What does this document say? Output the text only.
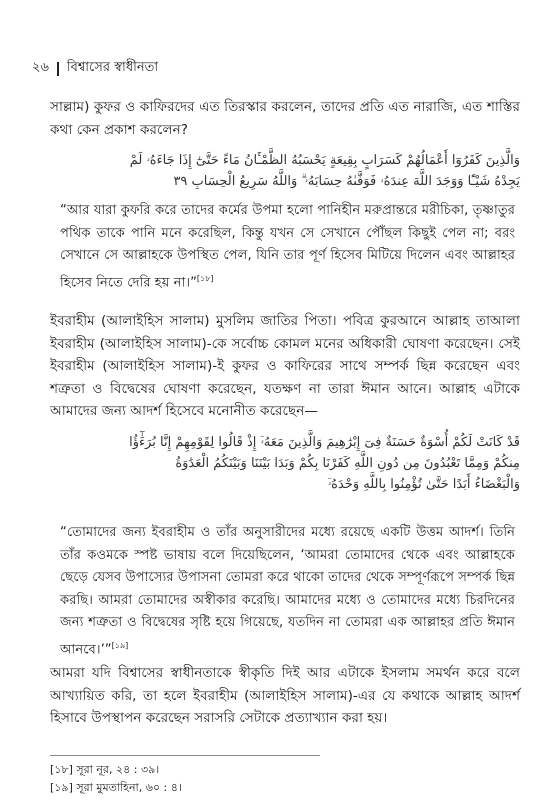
২৬ বিশ্বাসের স্বাধীনতা
সাল্লাম) কুফর ও কাফিরদের এত তিরস্কার করলেন, তাদের প্রতি এত নারাজি, এত শাস্তির কথা কেন প্রকাশ করলেন?
وَالَّذِينَ كَفَرُوٓا أَعْمَالُهُمْ كَسَرَابٍ بِقِيعَةٍ يَحْسَبُهُ الظَّمْـَٔانُ مَاءً حَتَّىٰٓ إِذَا جَاءَهُۥ لَمْ
يَجِدْهُ شَيْـًٔا وَوَجَدَ اللَّهَ عِندَهُۥ فَوَفَّىٰهُ حِسَابَهُۥ ۗ وَاللَّهُ سَرِيعُ الْحِسَابِ ٣٩
“আর যারা কুফরি করে তাদের কর্মের উপমা হলো পানিহীন মরুপ্রান্তরে মরীচিকা, তৃষ্ণাতুর পথিক তাকে পানি মনে করেছিল, কিন্তু যখন সে সেখানে পৌঁছল কিছুই পেল না; বরং সেখানে সে আল্লাহকে উপস্থিত পেল, যিনি তার পূর্ণ হিসেব মিটিয়ে দিলেন এবং আল্লাহর হিসেব নিতে দেরি হয় না।”[১৮]
ইবরাহীম (আলাইহিস সালাম) মুসলিম জাতির পিতা। পবিত্র কুরআনে আল্লাহ তাআলা ইবরাহীম (আলাইহিস সালাম)-কে সর্বোচ্চ কোমল মনের অধিকারী ঘোষণা করেছেন। সেই ইবরাহীম (আলাইহিস সালাম)-ই কুফর ও কাফিরের সাথে সম্পর্ক ছিন্ন করেছেন এবং শত্রুতা ও বিদ্বেষের ঘোষণা করেছেন, যতক্ষণ না তারা ঈমান আনে। আল্লাহ এটাকে আমাদের জন্য আদর্শ হিসেবে মনোনীত করেছেন—
قَدْ كَانَتْ لَكُمْ أُسْوَةٌ حَسَنَةٌ فِىٓ إِبْرَٰهِيمَ وَالَّذِينَ مَعَهُۥٓ إِذْ قَالُوا لِقَوْمِهِمْ إِنَّا بُرَءَٰٓؤُا
مِنكُمْ وَمِمَّا تَعْبُدُونَ مِن دُونِ اللَّهِ كَفَرْنَا بِكُمْ وَبَدَا بَيْنَنَا وَبَيْنَكُمُ الْعَدَٰوَةُ
وَالْبَغْضَاءُ أَبَدًا حَتَّىٰ تُؤْمِنُوا بِاللَّهِ وَحْدَهُۥٓ
“তোমাদের জন্য ইবরাহীম ও তাঁর অনুসারীদের মধ্যে রয়েছে একটি উত্তম আদর্শ। তিনি তাঁর কওমকে স্পষ্ট ভাষায় বলে দিয়েছিলেন, ‘আমরা তোমাদের থেকে এবং আল্লাহকে ছেড়ে যেসব উপাস্যের উপাসনা তোমরা করে থাকো তাদের থেকে সম্পূর্ণরূপে সম্পর্ক ছিন্ন করছি। আমরা তোমাদের অস্বীকার করেছি। আমাদের মধ্যে ও তোমাদের মধ্যে চিরদিনের জন্য শত্রুতা ও বিদ্বেষের সৃষ্টি হয়ে গিয়েছে, যতদিন না তোমরা এক আল্লাহর প্রতি ঈমান আনবে।’”[১৯]
আমরা যদি বিশ্বাসের স্বাধীনতাকে স্বীকৃতি দিই আর এটাকে ইসলাম সমর্থন করে বলে আখ্যায়িত করি, তা হলে ইবরাহীম (আলাইহিস সালাম)-এর যে কথাকে আল্লাহ আদর্শ হিসাবে উপস্থাপন করেছেন সরাসরি সেটাকে প্রত্যাখ্যান করা হয়।
[১৮] সূরা নূর, ২৪ : ৩৯।
[১৯] সূরা মুমতাহিনা, ৬০ : ৪।
